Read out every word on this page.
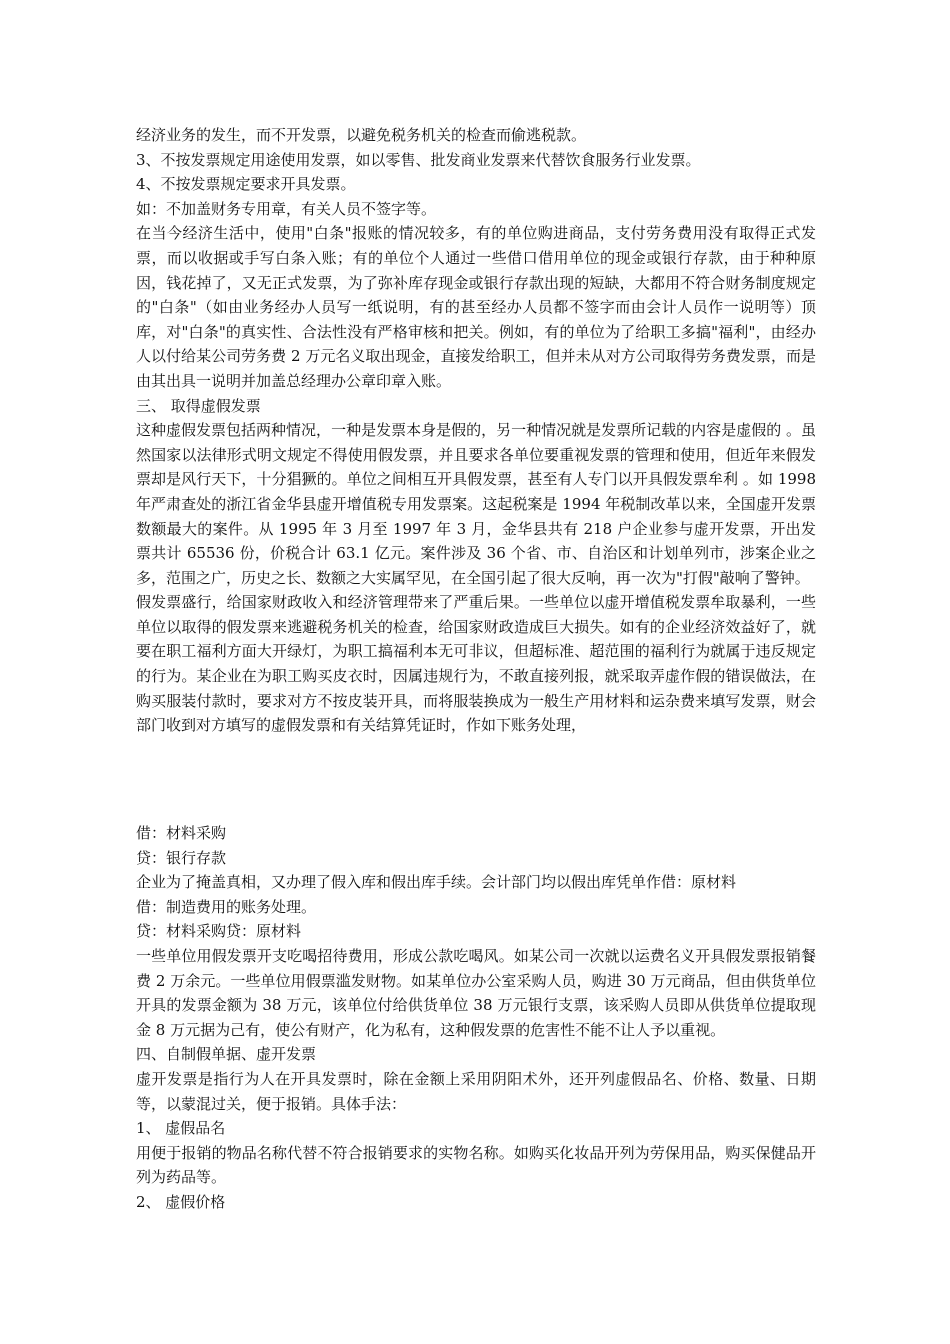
经济业务的发生，而不开发票，以避免税务机关的检查而偷逃税款。

3、不按发票规定用途使用发票，如以零售、批发商业发票来代替饮食服务行业发票。

4、不按发票规定要求开具发票。

如：不加盖财务专用章，有关人员不签字等。

在当今经济生活中，使用"白条"报账的情况较多，有的单位购进商品，支付劳务费用没有取得正式发票，而以收据或手写白条入账；有的单位个人通过一些借口借用单位的现金或银行存款，由于种种原因，钱花掉了，又无正式发票，为了弥补库存现金或银行存款出现的短缺，大都用不符合财务制度规定的"白条"（如由业务经办人员写一纸说明，有的甚至经办人员都不签字而由会计人员作一说明等）顶库，对"白条"的真实性、合法性没有严格审核和把关。例如，有的单位为了给职工多搞"福利"，由经办人以付给某公司劳务费 2 万元名义取出现金，直接发给职工，但并未从对方公司取得劳务费发票，而是由其出具一说明并加盖总经理办公章印章入账。

三、 取得虚假发票

这种虚假发票包括两种情况，一种是发票本身是假的，另一种情况就是发票所记载的内容是虚假的 。虽然国家以法律形式明文规定不得使用假发票，并且要求各单位要重视发票的管理和使用，但近年来假发票却是风行天下，十分猖獗的。单位之间相互开具假发票，甚至有人专门以开具假发票牟利 。如 1998 年严肃查处的浙江省金华县虚开增值税专用发票案。这起税案是 1994 年税制改革以来，全国虚开发票数额最大的案件。从 1995 年 3 月至 1997 年 3 月，金华县共有 218 户企业参与虚开发票，开出发票共计 65536 份，价税合计 63.1 亿元。案件涉及 36 个省、市、自治区和计划单列市，涉案企业之多，范围之广，历史之长、数额之大实属罕见，在全国引起了很大反响，再一次为"打假"敲响了警钟。

假发票盛行，给国家财政收入和经济管理带来了严重后果。一些单位以虚开增值税发票牟取暴利，一些单位以取得的假发票来逃避税务机关的检查，给国家财政造成巨大损失。如有的企业经济效益好了，就要在职工福利方面大开绿灯，为职工搞福利本无可非议，但超标准、超范围的福利行为就属于违反规定的行为。某企业在为职工购买皮衣时，因属违规行为，不敢直接列报，就采取弄虚作假的错误做法，在购买服装付款时，要求对方不按皮装开具，而将服装换成为一般生产用材料和运杂费来填写发票，财会部门收到对方填写的虚假发票和有关结算凭证时，作如下账务处理，

借：材料采购

贷：银行存款

企业为了掩盖真相，又办理了假入库和假出库手续。会计部门均以假出库凭单作借：原材料

借：制造费用的账务处理。

贷：材料采购贷：原材料

一些单位用假发票开支吃喝招待费用，形成公款吃喝风。如某公司一次就以运费名义开具假发票报销餐费 2 万余元。一些单位用假票滥发财物。如某单位办公室采购人员，购进 30 万元商品，但由供货单位开具的发票金额为 38 万元，该单位付给供货单位 38 万元银行支票，该采购人员即从供货单位提取现金 8 万元据为己有，使公有财产，化为私有，这种假发票的危害性不能不让人予以重视。

四、自制假单据、虚开发票

虚开发票是指行为人在开具发票时，除在金额上采用阴阳术外，还开列虚假品名、价格、数量、日期等，以蒙混过关，便于报销。具体手法：

1、 虚假品名

用便于报销的物品名称代替不符合报销要求的实物名称。如购买化妆品开列为劳保用品，购买保健品开列为药品等。

2、 虚假价格
